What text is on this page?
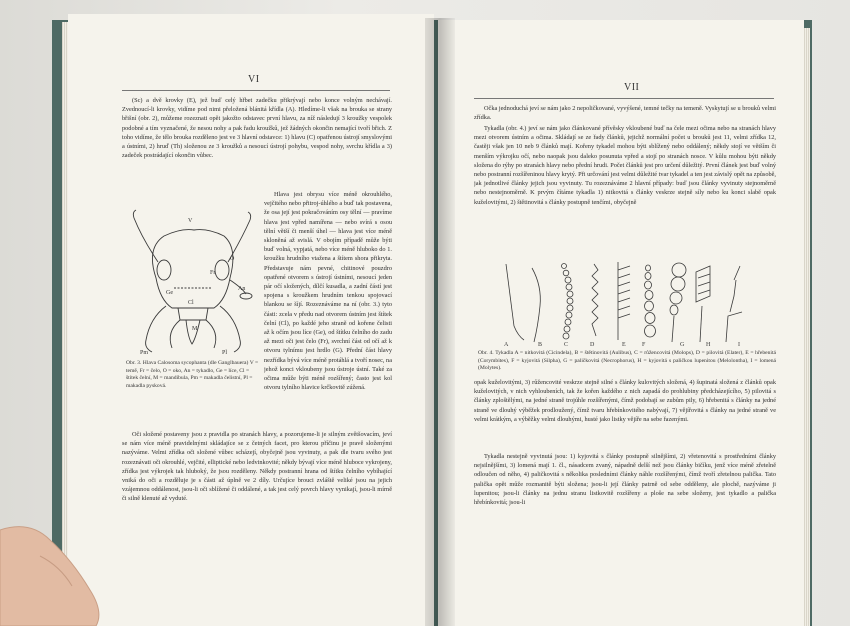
VI

(Sc) a dvě krovky (E), jež buď celý hřbet zadečku přikrývají nebo konce volným nechávají. Zvednoucí-li krovky, vidíme pod nimi přeložená blánitá křídla (A). Hledíme-li však na brouka se strany břišní (obr. 2), můžeme rozeznati opět jakožto odstavec první hlavu, za níž následují 3 kroužky vespolek podobné a tím vyznačené, že nesou nohy a pak řadu kroužků, jež žádných okončin nemající tvoří břich. Z toho vidíme, že tělo brouka rozděleno jest ve 3 hlavní odstavce: 1) hlavu (C) opatřenou ústrojí smyslovými a ústními, 2) hruď (Th) složenou ze 3 kroužků a nesoucí ústrojí pohybu, vespod nohy, svrchu křídla a 3) zadeček postrádající okončin vůbec.

V
Fr
O
Ge
An
Cl
M
Pm	Pl
Obr. 3. Hlava Calosoma sycophanta (dle Ganglbauera) V = temě, Fr = čelo, O = oko, An = tykadlo, Ge = líce, Cl = štítek čelní, M = mandibula, Pm = makadla čelistní, Pl = makadla pysková.

Hlava jest obrysu více méně okrouhlého, vejčitého nebo přitroj-úhlého a buď tak postavena, že osa její jest pokračováním osy tělní — pravíme hlava jest vpřed namířena — nebo svírá s osou tělní větší či menší úhel — hlava jest více méně skloněná až svislá. V obojím případě může býti buď volná, vypjatá, nebo více méně hluboko do 1. kroužku hrudního vtažena a štítem shora přikryta. Představuje nám pevné, chitinové pouzdro opatřené otvorem s ústrojí ústními, nesoucí jeden pár očí složených, dílčí kusadla, a zadní částí jest spojena s kroužkem hrudním tenkou spojovací blankou se šíjí. Rozeznáváme na ní (obr. 3.) tyto části: zcela v předu nad otvorem ústním jest štítek čelní (Cl), po každé jeho straně od kořene čelisti až k očím jsou líce (Ge), od štítku čelního do zadu až mezi oči jest čelo (Fr), svrchní část od očí až k otvoru tylnímu jest hrdlo (G). Přední část hlavy nezřídka bývá více méně protáhlá a tvoří nosec, na jehož konci vkloubeny jsou ústroje ústní. Také za očima může býti méně rozšířený; často jest kol otvoru tylního hlavice krčkovitě zúžená.

Oči složené postaveny jsou z pravidla po stranách hlavy, a pozorujeme-li je silným zvětšovacím, jeví se nám více méně pravidelnými skládajíce se z četných facet, pro kterou příčinu je pravě složenými nazýváme. Velmi zřídka oči složené vůbec scházejí, obyčejně jsou vyvinuty, a pak dle tvaru svého jest rozeznávati oči okrouhlé, vejčité, elliptické nebo ledvinkovité; někdy bývají více méně hluboce vykrojeny, zřídka jest výkrojek tak hluboký, že jsou rozděleny. Někdy postranní hrana od štítku čelního vybíhající vniká do oči a rozděluje je s části až úplně ve 2 díly. Určujíce brouci zvláště veliké jsou na jejich vzájemnou oddálenost, jsou-li oči sblížené či oddálené, a tak jest celý povrch hlavy vynikají, jsou-li mírně či silně klenuté až vyduté.

VII

Očka jednoduchá jeví se nám jako 2 nepoličkované, vyvýšené, temné tečky na temeně. Vyskytují se u brouků velmi zřídka.

Tykadla (obr. 4.) jeví se nám jako článkované přívěsky vkloubené buď na čele mezi očima nebo na stranách hlavy mezi otvorem ústním a očima. Skládají se ze řady článků, jejichž normální počet u brouků jest 11, velmi zřídka 12, častěji však jen 10 neb 9 článků mají. Kořeny tykadel mohou býti sblížený nebo oddálený; někdy stojí ve větším či menším výkrojku očí, nebo naopak jsou daleko posunuta vpřed a stojí po stranách nosce. V kůlu mohou býti někdy složena do rýhy po stranách hlavy nebo přední hrudi. Počet článků jest pro určení důležitý. První článek jest buď volný nebo postranní rozšířeninou hlavy krytý. Při určování jest velmi důležité tvar tykadel a ten jest závislý opět na způsobě, jak jednotlivé články jejich jsou vyvinuty. Tu rozeznáváme 2 hlavní případy: buď jsou články vyvinuty stejnoměrně nebo nestejnoměrně. K prvým čítáme tykadla 1) nitkovitá s články veskrze stejně síly nebo ku konci slabě opak kuželovitými, 2) štětinovitá s články postupně tenčími, obyčejně

A	B	C	D	E	F	G	H	I
Obr. 4. Tykadla A = nitkovitá (Cicindela), B = štětinovitá (Aulibus), C = růžencovitá (Molops), D = pilovitá (Elater), E = hřebenitá (Corymbites), F = kyjovitá (Silpha), G = paličkovitá (Necrophorus), H = kyjovitá s paličkou lupenitou (Melolontha), I = lomená (Molytes).

opak kuželovitými, 3) růžencovité veskrze stejně silné s články kulovitých složená, 4) šupinatá složená z článků opak kuželovitých, v nich vyhloubeních, tak že kořen každého z nich zapadá do prohlubiny předcházejícího, 5) pilovitá s články zploštělými, na jedné straně trojúhle rozšířenými, čímž podobají se zubům pily, 6) hřebenitá s články na jedné straně ve dlouhý výběžek prodloužený, čímž tvaru hřebínkovitého nabývají, 7) vějířovitá s články na jedné straně ve velmi krátkým, a výběžky velmi dlouhými, husté jako listky vějíře na sebe řazenými.

Tykadla nestejně vyvinutá jsou: 1) kyjovitá s články postupně silnějšími, 2) vřetenovitá s prostředními články nejsilnějšími, 3) lomená mají 1. čl., násadcem zvaný, nápadně delší než jsou články bičíku, jenž více méně zřetelně odloučen od něho, 4) paličkovitá s několika posledními články náhle rozšířenými, čímž tvoří zřetelnou palička. Tato palička opět může rozmanitě býti složena; jsou-li její články patrně od sebe odděleny, ale plochě, nazýváme ji lupenitou; jsou-li články na jednu stranu listkovitě rozšířeny a ploše na sebe složeny, jest tykadlo a palička hřebínkovitá; jsou-li
